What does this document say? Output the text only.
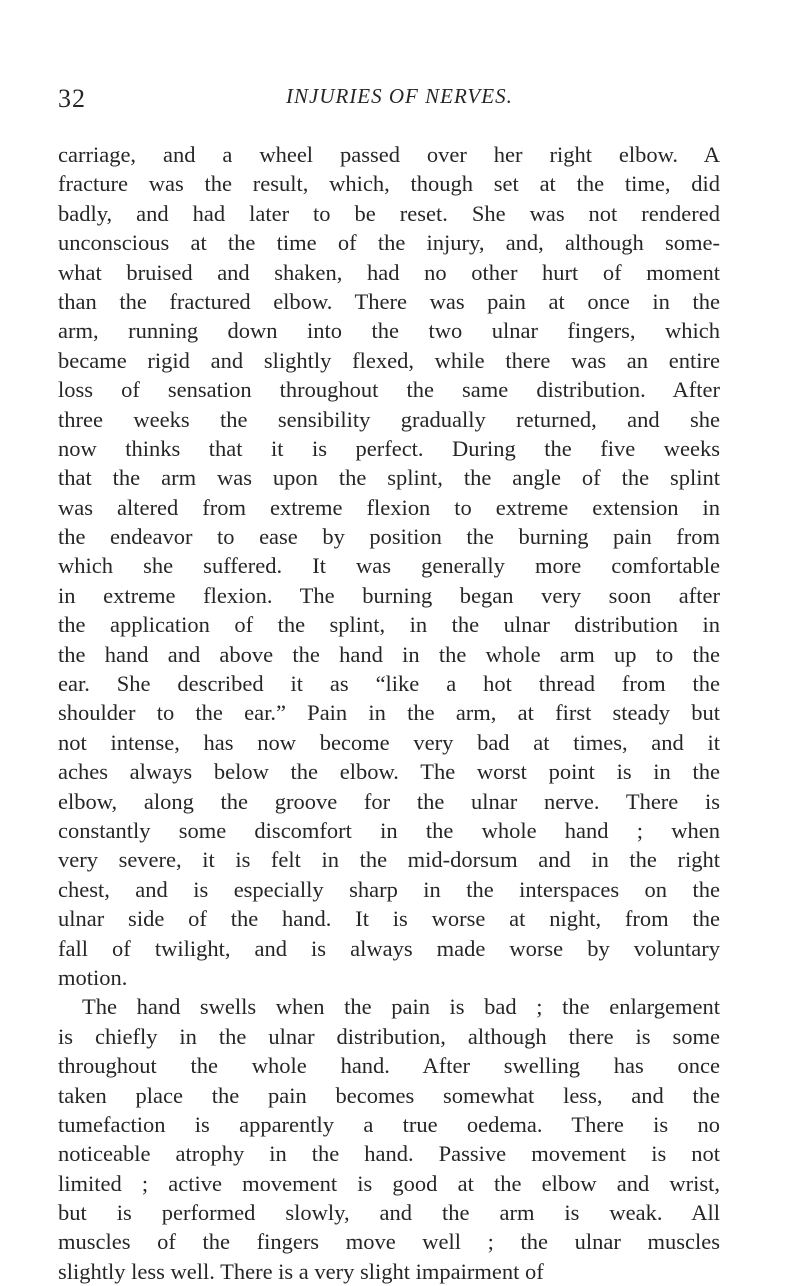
32	INJURIES OF NERVES.
carriage, and a wheel passed over her right elbow. A
fracture was the result, which, though set at the time, did
badly, and had later to be reset. She was not rendered
unconscious at the time of the injury, and, although some-
what bruised and shaken, had no other hurt of moment
than the fractured elbow. There was pain at once in the
arm, running down into the two ulnar fingers, which
became rigid and slightly flexed, while there was an entire
loss of sensation throughout the same distribution. After
three weeks the sensibility gradually returned, and she
now thinks that it is perfect. During the five weeks
that the arm was upon the splint, the angle of the splint
was altered from extreme flexion to extreme extension in
the endeavor to ease by position the burning pain from
which she suffered. It was generally more comfortable
in extreme flexion. The burning began very soon after
the application of the splint, in the ulnar distribution in
the hand and above the hand in the whole arm up to the
ear. She described it as “like a hot thread from the
shoulder to the ear.” Pain in the arm, at first steady but
not intense, has now become very bad at times, and it
aches always below the elbow. The worst point is in the
elbow, along the groove for the ulnar nerve. There is
constantly some discomfort in the whole hand ; when
very severe, it is felt in the mid-dorsum and in the right
chest, and is especially sharp in the interspaces on the
ulnar side of the hand. It is worse at night, from the
fall of twilight, and is always made worse by voluntary
motion.
The hand swells when the pain is bad ; the enlargement
is chiefly in the ulnar distribution, although there is some
throughout the whole hand. After swelling has once
taken place the pain becomes somewhat less, and the
tumefaction is apparently a true oedema. There is no
noticeable atrophy in the hand. Passive movement is not
limited ; active movement is good at the elbow and wrist,
but is performed slowly, and the arm is weak. All
muscles of the fingers move well ; the ulnar muscles
slightly less well. There is a very slight impairment of
